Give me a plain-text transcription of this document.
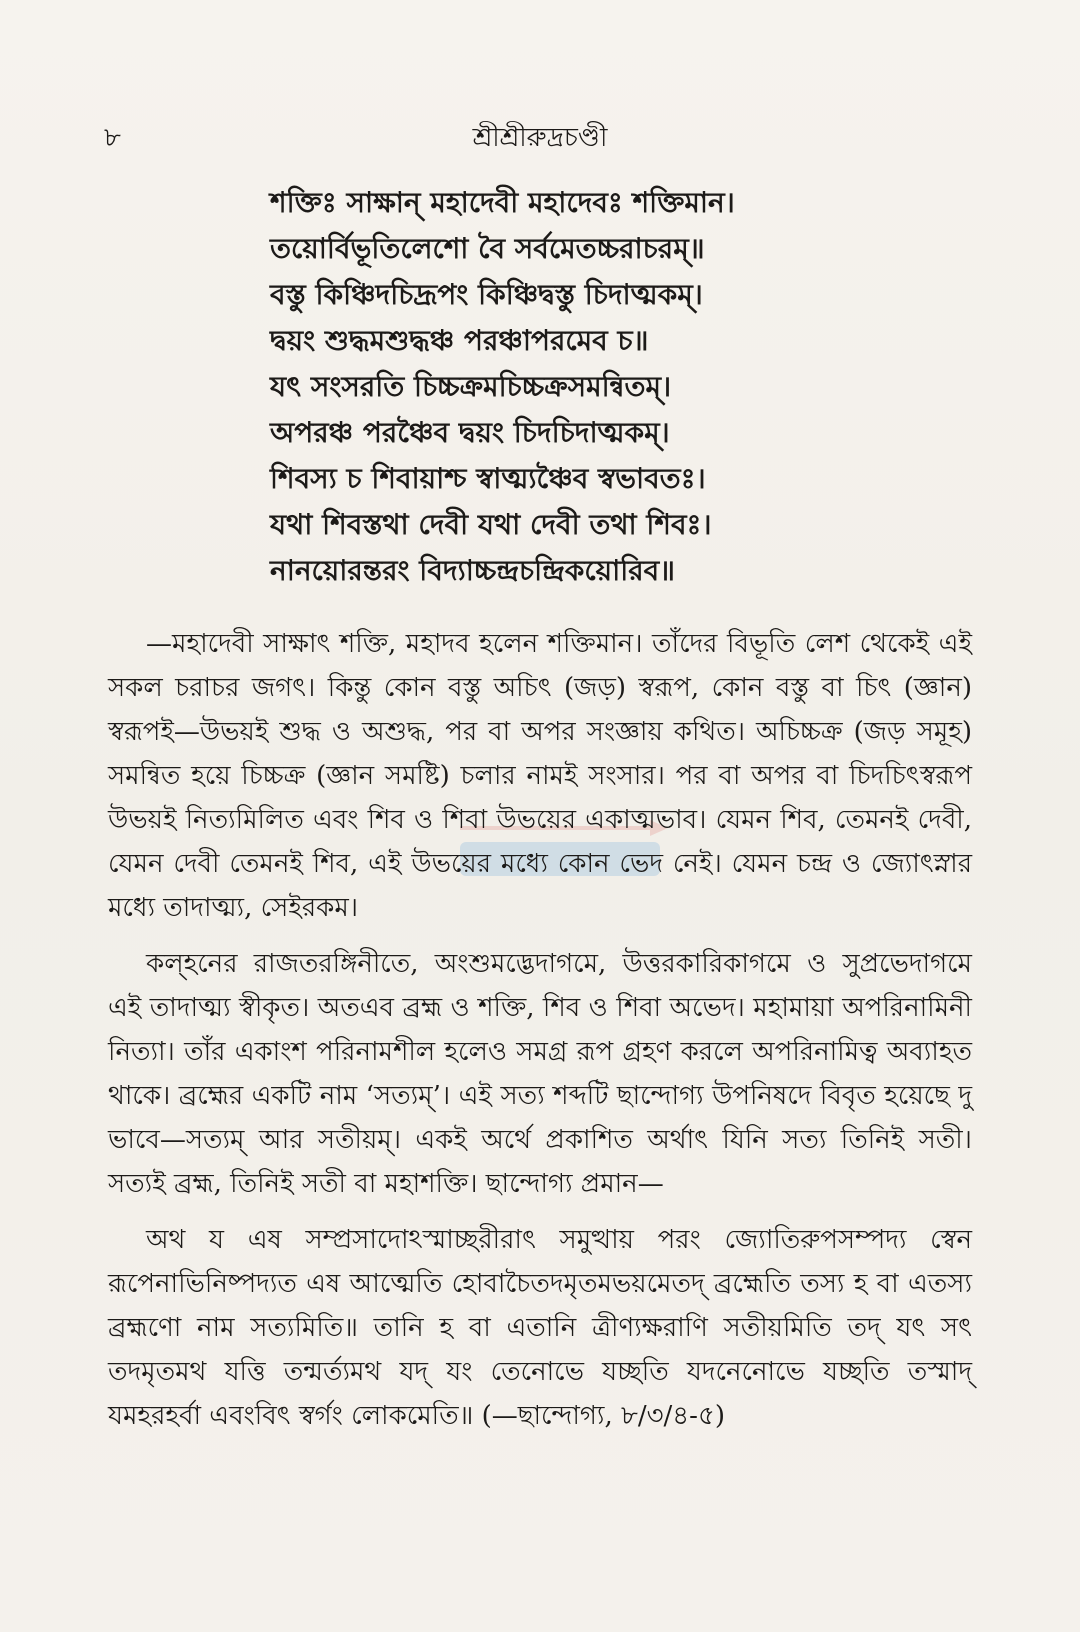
৮	শ্রীশ্রীরুদ্রচণ্ডী
শক্তিঃ সাক্ষান্ মহাদেবী মহাদেবঃ শক্তিমান।
তয়োর্বিভূতিলেশো বৈ সর্বমেতচ্চরাচরম্॥
বস্তু কিঞ্চিদচিদ্রূপং কিঞ্চিদ্বস্তু চিদাত্মকম্।
দ্বয়ং শুদ্ধমশুদ্ধঞ্চ পরঞ্চাপরমেব চ॥
যৎ সংসরতি চিচ্চক্রমচিচ্চক্রসমন্বিতম্।
অপরঞ্চ পরঞ্চৈব দ্বয়ং চিদচিদাত্মকম্।
শিবস্য চ শিবায়াশ্চ স্বাত্ম্যঞ্চৈব স্বভাবতঃ।
যথা শিবস্তথা দেবী যথা দেবী তথা শিবঃ।
নানয়োরন্তরং বিদ্যাচ্চন্দ্রচন্দ্রিকয়োরিব॥

—মহাদেবী সাক্ষাৎ শক্তি, মহাদব হলেন শক্তিমান। তাঁদের বিভূতি লেশ থেকেই এই সকল চরাচর জগৎ। কিন্তু কোন বস্তু অচিৎ (জড়) স্বরূপ, কোন বস্তু বা চিৎ (জ্ঞান) স্বরূপই—উভয়ই শুদ্ধ ও অশুদ্ধ, পর বা অপর সংজ্ঞায় কথিত। অচিচ্চক্র (জড় সমূহ) সমন্বিত হয়ে চিচ্চক্র (জ্ঞান সমষ্টি) চলার নামই সংসার। পর বা অপর বা চিদচিৎস্বরূপ উভয়ই নিত্যমিলিত এবং শিব ও শিবা উভয়ের একাত্মভাব। যেমন শিব, তেমনই দেবী, যেমন দেবী তেমনই শিব, এই উভয়ের মধ্যে কোন ভেদ নেই। যেমন চন্দ্র ও জ্যোৎস্নার মধ্যে তাদাত্ম্য, সেইরকম।

কল্হনের রাজতরঙ্গিনীতে, অংশুমদ্ভেদাগমে, উত্তরকারিকাগমে ও সুপ্রভেদাগমে এই তাদাত্ম্য স্বীকৃত। অতএব ব্রহ্ম ও শক্তি, শিব ও শিবা অভেদ। মহামায়া অপরিনামিনী নিত্যা। তাঁর একাংশ পরিনামশীল হলেও সমগ্র রূপ গ্রহণ করলে অপরিনামিত্ব অব্যাহত থাকে। ব্রহ্মের একটি নাম ‘সত্যম্’। এই সত্য শব্দটি ছান্দোগ্য উপনিষদে বিবৃত হয়েছে দু ভাবে—সত্যম্ আর সতীয়ম্। একই অর্থে প্রকাশিত অর্থাৎ যিনি সত্য তিনিই সতী। সত্যই ব্রহ্ম, তিনিই সতী বা মহাশক্তি। ছান্দোগ্য প্রমান—

অথ য এষ সম্প্রসাদোঽস্মাচ্ছরীরাৎ সমুত্থায় পরং জ্যোতিরুপসম্পদ্য স্বেন রূপেনাভিনিষ্পদ্যত এষ আত্মেতি হোবাচৈতদমৃতমভয়মেতদ্ ব্রহ্মেতি তস্য হ বা এতস্য ব্রহ্মণো নাম সত্যমিতি॥ তানি হ বা এতানি ত্রীণ্যক্ষরাণি সতীয়মিতি তদ্ যৎ সৎ তদমৃতমথ যত্তি তন্মর্ত্যমথ যদ্ যং তেনোভে যচ্ছতি যদনেনোভে যচ্ছতি তস্মাদ্ যমহরহর্বা এবংবিৎ স্বর্গং লোকমেতি॥ (—ছান্দোগ্য, ৮/৩/৪-৫)
